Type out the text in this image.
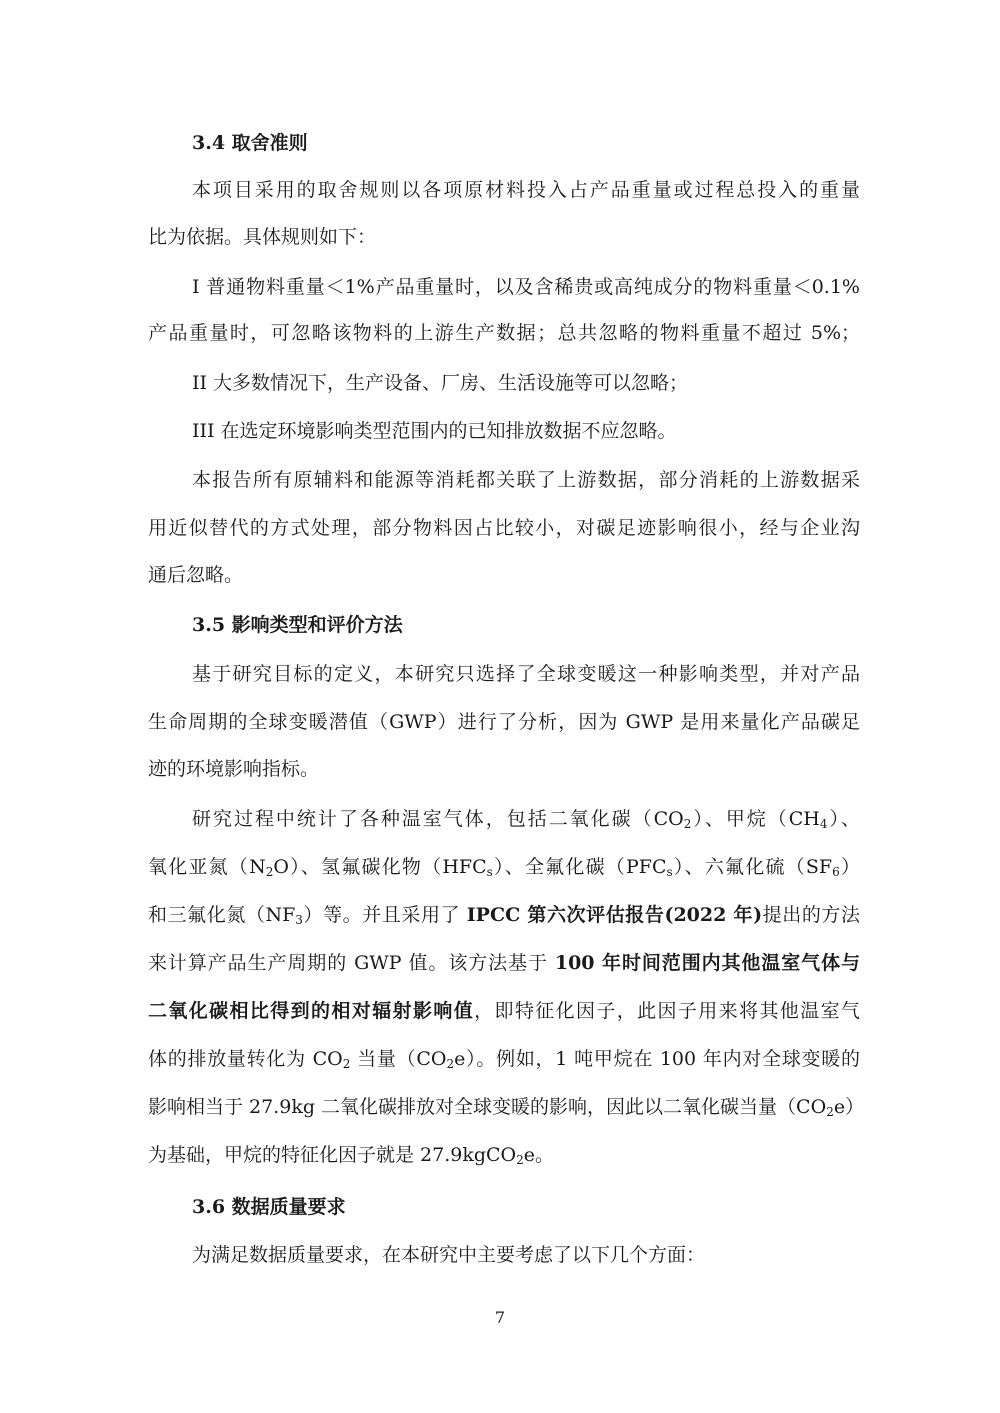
3.4 取舍准则
本项目采用的取舍规则以各项原材料投入占产品重量或过程总投入的重量
比为依据。具体规则如下：
I 普通物料重量＜1%产品重量时，以及含稀贵或高纯成分的物料重量＜0.1%
产品重量时，可忽略该物料的上游生产数据；总共忽略的物料重量不超过 5%；
II 大多数情况下，生产设备、厂房、生活设施等可以忽略；
III 在选定环境影响类型范围内的已知排放数据不应忽略。
本报告所有原辅料和能源等消耗都关联了上游数据，部分消耗的上游数据采
用近似替代的方式处理，部分物料因占比较小，对碳足迹影响很小，经与企业沟
通后忽略。
3.5 影响类型和评价方法
基于研究目标的定义，本研究只选择了全球变暖这一种影响类型，并对产品
生命周期的全球变暖潜值（GWP）进行了分析，因为 GWP 是用来量化产品碳足
迹的环境影响指标。
研究过程中统计了各种温室气体，包括二氧化碳$(CO_2)$、甲烷$(CH_4)$、
氧化亚氮$(N_2O)$、氢氟碳化物$(HFC_s)$、全氟化碳$(PFC_s)$、六氟化硫$(SF_6)$
和三氟化氮$(NF_3)$等。并且采用了 IPCC 第六次评估报告(2022 年)提出的方法
来计算产品生产周期的 GWP 值。该方法基于 100 年时间范围内其他温室气体与
二氧化碳相比得到的相对辐射影响值，即特征化因子，此因子用来将其他温室气
体的排放量转化为 $CO_2$ 当量$(CO_2e)$。例如，1 吨甲烷在 100 年内对全球变暖的
影响相当于 27.9kg 二氧化碳排放对全球变暖的影响，因此以二氧化碳当量$(CO_2e)$
为基础，甲烷的特征化因子就是 27.9kgCO$_2$e。
3.6 数据质量要求
为满足数据质量要求，在本研究中主要考虑了以下几个方面：
7
